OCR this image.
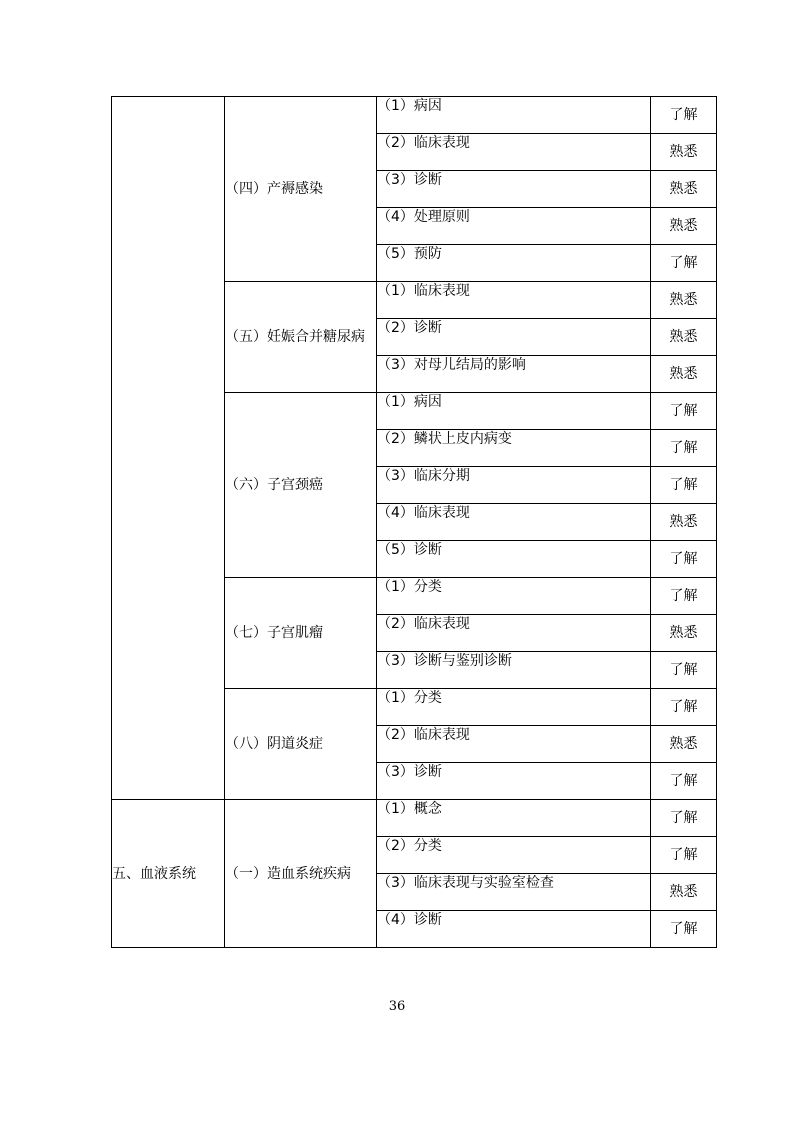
	（四）产褥感染	（1）病因	了解
		（2）临床表现	熟悉
		（3）诊断	熟悉
		（4）处理原则	熟悉
		（5）预防	了解

	（五）妊娠合并糖尿病	（1）临床表现	熟悉
		（2）诊断	熟悉
		（3）对母儿结局的影响	熟悉

	（六）子宫颈癌	（1）病因	了解
		（2）鳞状上皮内病变	了解
		（3）临床分期	了解
		（4）临床表现	熟悉
		（5）诊断	了解

	（七）子宫肌瘤	（1）分类	了解
		（2）临床表现	熟悉
		（3）诊断与鉴别诊断	了解

	（八）阴道炎症	（1）分类	了解
		（2）临床表现	熟悉
		（3）诊断	了解
五、血液系统	（一）造血系统疾病	（1）概念	了解
		（2）分类	了解
		（3）临床表现与实验室检查	熟悉
		（4）诊断	了解
36
